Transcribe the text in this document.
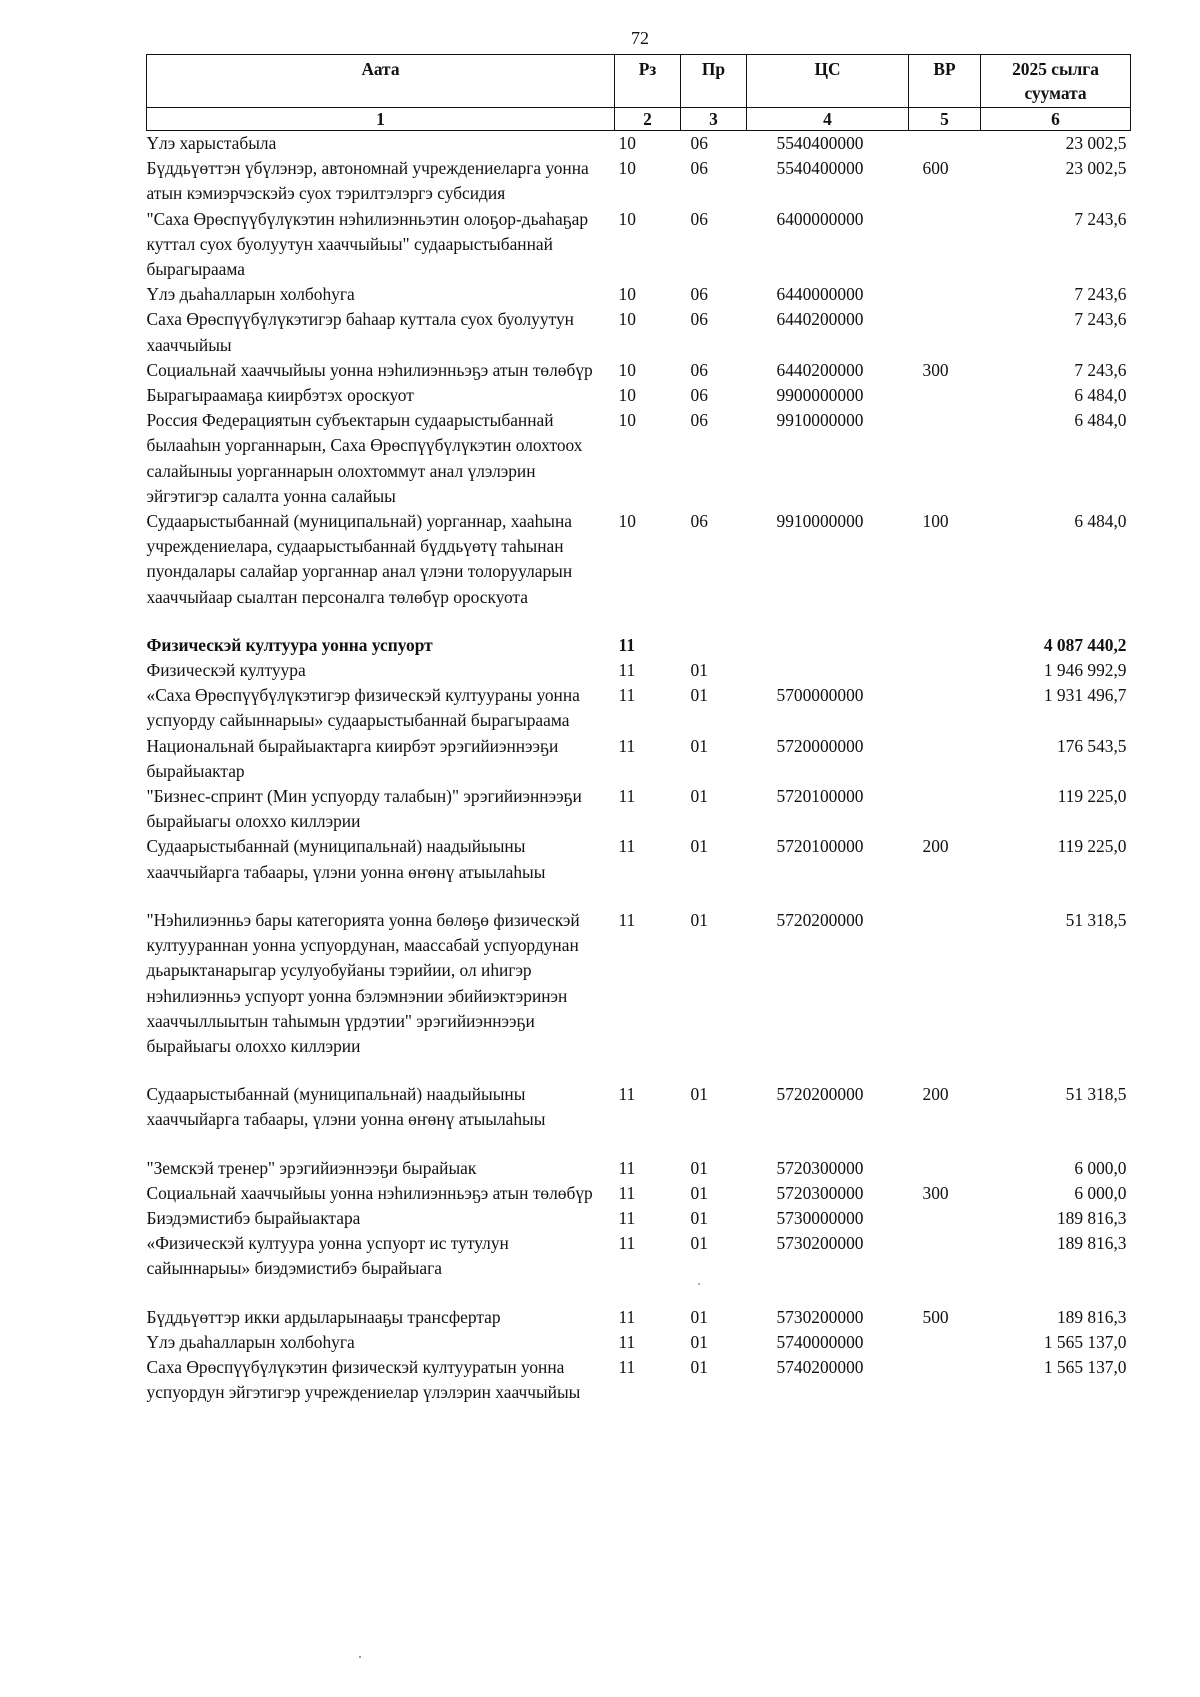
72
Аата	Рз	Пр	ЦС	ВР	2025 сылга суумата
1	2	3	4	5	6
Үлэ харыстабыла	10	06	5540400000		23 002,5
Бүддьүөттэн үбүлэнэр, автономнай учреждениеларга уонна атын кэмиэрчэскэйэ суох тэрилтэлэргэ субсидия	10	06	5540400000	600	23 002,5
"Саха Өрөспүүбүлүкэтин нэһилиэнньэтин олоҕор-дьаһаҕар куттал суох буолуутун хааччыйыы" судаарыстыбаннай бырагыраама	10	06	6400000000		7 243,6
Үлэ дьаһалларын холбоһуга	10	06	6440000000		7 243,6
Саха Өрөспүүбүлүкэтигэр баһаар куттала суох буолуутун хааччыйыы	10	06	6440200000		7 243,6
Социальнай хааччыйыы уонна нэһилиэнньэҕэ атын төлөбүр	10	06	6440200000	300	7 243,6
Бырагыраамаҕа киирбэтэх ороскуот	10	06	9900000000		6 484,0
Россия Федерациятын субъектарын судаарыстыбаннай былааһын уорганнарын, Саха Өрөспүүбүлүкэтин олохтоох салайыныы уорганнарын олохтоммут анал үлэлэрин эйгэтигэр салалта уонна салайыы	10	06	9910000000		6 484,0
Судаарыстыбаннай (муниципальнай) уорганнар, хааһына учреждениелара, судаарыстыбаннай бүддьүөтү таһынан пуондалары салайар уорганнар анал үлэни толорууларын хааччыйаар сыалтан персоналга төлөбүр ороскуота	10	06	9910000000	100	6 484,0

Физическэй култуура уонна успуорт	11				4 087 440,2
Физическэй култуура	11	01			1 946 992,9
«Саха Өрөспүүбүлүкэтигэр физическэй култуураны уонна успуорду сайыннарыы» судаарыстыбаннай бырагыраама	11	01	5700000000		1 931 496,7
Национальнай бырайыактарга киирбэт эрэгийиэннээҕи бырайыактар	11	01	5720000000		176 543,5
"Бизнес-спринт (Мин успуорду талабын)" эрэгийиэннээҕи бырайыагы олоххо киллэрии	11	01	5720100000		119 225,0
Судаарыстыбаннай (муниципальнай) наадыйыыны хааччыйарга табаары, үлэни уонна өҥөнү атыылаһыы	11	01	5720100000	200	119 225,0

"Нэһилиэнньэ бары категорията уонна бөлөҕө физическэй култуураннан уонна успуордунан, маассабай успуордунан дьарыктанарыгар усулуобуйаны тэрийии, ол иһигэр нэһилиэнньэ успуорт уонна бэлэмнэнии эбийиэктэринэн хааччыллыытын таһымын үрдэтии" эрэгийиэннээҕи бырайыагы олоххо киллэрии	11	01	5720200000		51 318,5

Судаарыстыбаннай (муниципальнай) наадыйыыны хааччыйарга табаары, үлэни уонна өҥөнү атыылаһыы	11	01	5720200000	200	51 318,5

"Земскэй тренер" эрэгийиэннээҕи бырайыак	11	01	5720300000		6 000,0
Социальнай хааччыйыы уонна нэһилиэнньэҕэ атын төлөбүр	11	01	5720300000	300	6 000,0
Биэдэмистибэ бырайыактара	11	01	5730000000		189 816,3
«Физическэй култуура уонна успуорт ис тутулун сайыннарыы» биэдэмистибэ бырайыага	11	01	5730200000		189 816,3

Бүддьүөттэр икки ардыларынааҕы трансфертар	11	01	5730200000	500	189 816,3
Үлэ дьаһалларын холбоһуга	11	01	5740000000		1 565 137,0
Саха Өрөспүүбүлүкэтин физическэй култууратын уонна успуордун эйгэтигэр учреждениелар үлэлэрин хааччыйыы	11	01	5740200000		1 565 137,0
